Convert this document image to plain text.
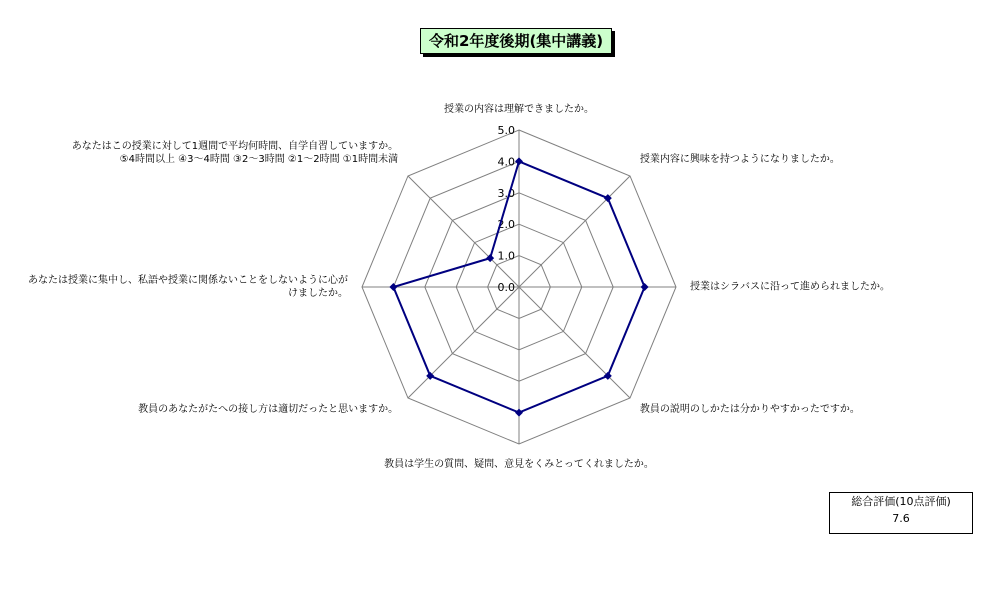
令和2年度後期(集中講義)
0.0
1.0
2.0
3.0
4.0
5.0
授業の内容は理解できましたか。
授業内容に興味を持つようになりましたか。
授業はシラバスに沿って進められましたか。
教員の説明のしかたは分かりやすかったですか。
教員は学生の質問、疑問、意見をくみとってくれましたか。
教員のあなたがたへの接し方は適切だったと思いますか。
あなたは授業に集中し、私語や授業に関係ないことをしないように心が
けましたか。
あなたはこの授業に対して1週間で平均何時間、自学自習していますか。
⑤4時間以上 ④3〜4時間 ③2〜3時間 ②1〜2時間 ①1時間未満
総合評価(10点評価)
7.6
